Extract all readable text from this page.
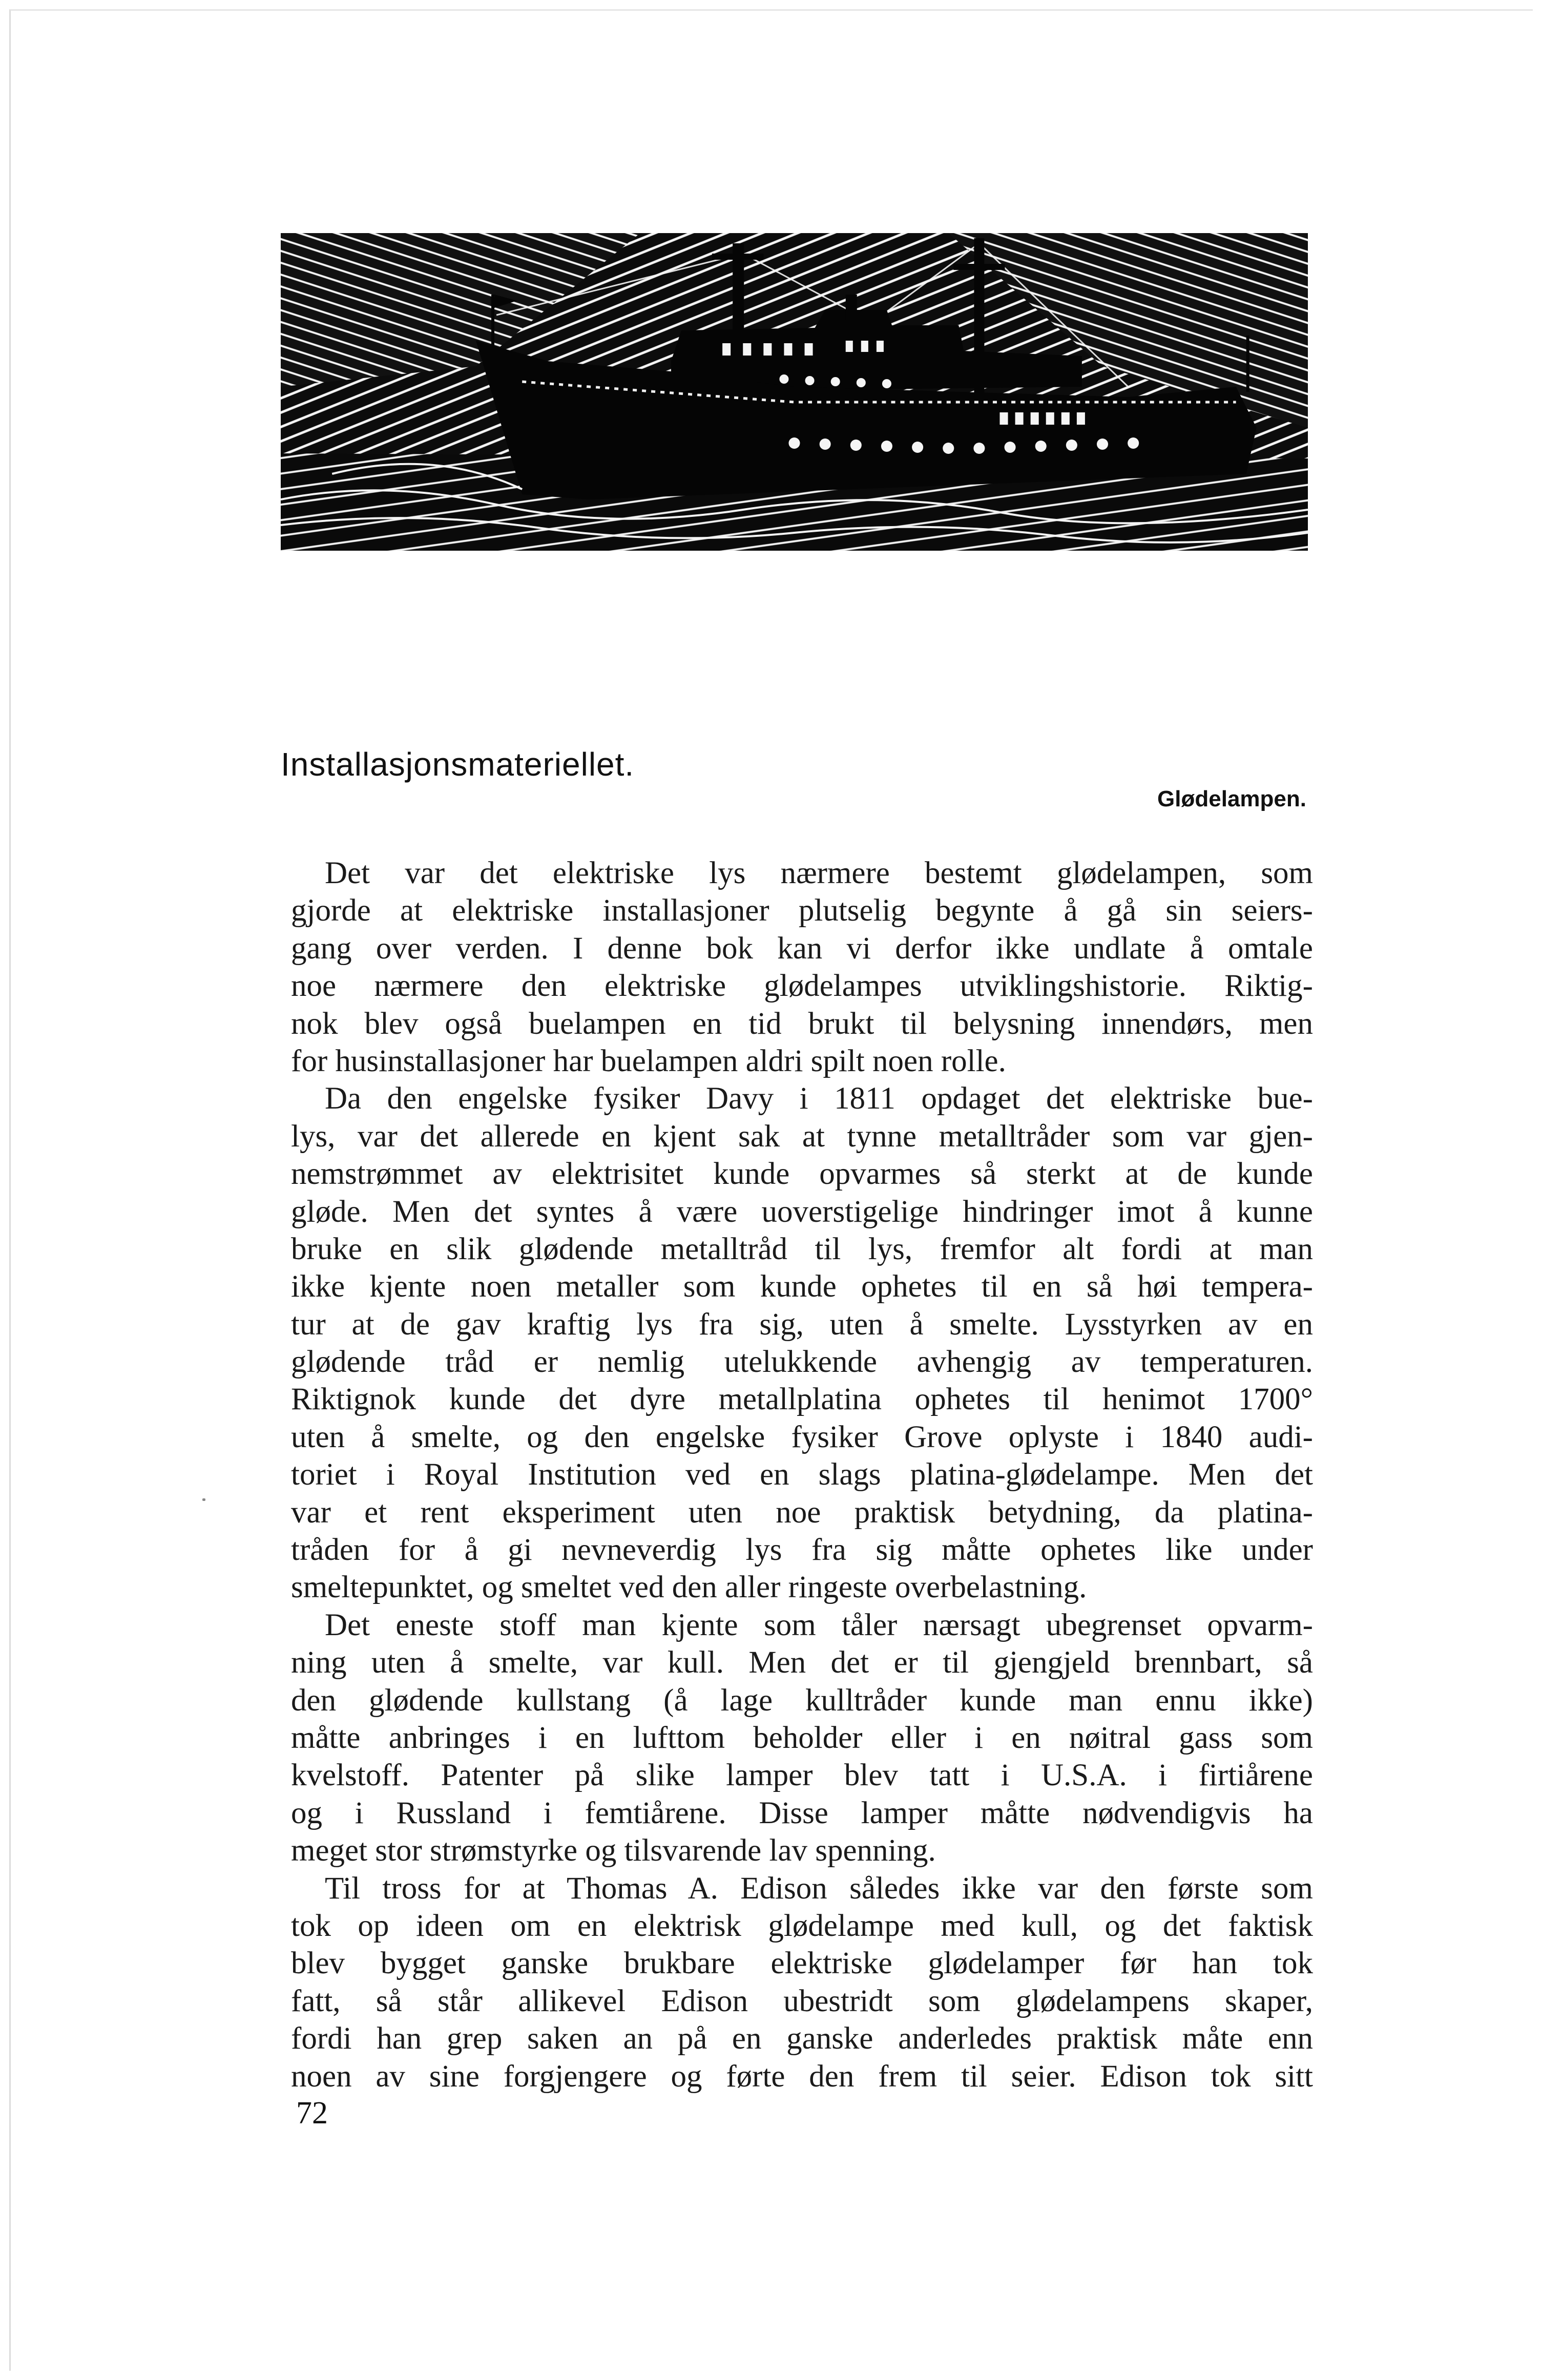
Installasjonsmateriellet.
Glødelampen.
Det var det elektriske lys nærmere bestemt glødelampen, som
gjorde at elektriske installasjoner plutselig begynte å gå sin seiers-
gang over verden. I denne bok kan vi derfor ikke undlate å omtale
noe nærmere den elektriske glødelampes utviklingshistorie. Riktig-
nok blev også buelampen en tid brukt til belysning innendørs, men
for husinstallasjoner har buelampen aldri spilt noen rolle.
Da den engelske fysiker Davy i 1811 opdaget det elektriske bue-
lys, var det allerede en kjent sak at tynne metalltråder som var gjen-
nemstrømmet av elektrisitet kunde opvarmes så sterkt at de kunde
gløde. Men det syntes å være uoverstigelige hindringer imot å kunne
bruke en slik glødende metalltråd til lys, fremfor alt fordi at man
ikke kjente noen metaller som kunde ophetes til en så høi tempera-
tur at de gav kraftig lys fra sig, uten å smelte. Lysstyrken av en
glødende tråd er nemlig utelukkende avhengig av temperaturen.
Riktignok kunde det dyre metallplatina ophetes til henimot 1700°
uten å smelte, og den engelske fysiker Grove oplyste i 1840 audi-
toriet i Royal Institution ved en slags platina-glødelampe. Men det
var et rent eksperiment uten noe praktisk betydning, da platina-
tråden for å gi nevneverdig lys fra sig måtte ophetes like under
smeltepunktet, og smeltet ved den aller ringeste overbelastning.
Det eneste stoff man kjente som tåler nærsagt ubegrenset opvarm-
ning uten å smelte, var kull. Men det er til gjengjeld brennbart, så
den glødende kullstang (å lage kulltråder kunde man ennu ikke)
måtte anbringes i en lufttom beholder eller i en nøitral gass som
kvelstoff. Patenter på slike lamper blev tatt i U.S.A. i firtiårene
og i Russland i femtiårene. Disse lamper måtte nødvendigvis ha
meget stor strømstyrke og tilsvarende lav spenning.
Til tross for at Thomas A. Edison således ikke var den første som
tok op ideen om en elektrisk glødelampe med kull, og det faktisk
blev bygget ganske brukbare elektriske glødelamper før han tok
fatt, så står allikevel Edison ubestridt som glødelampens skaper,
fordi han grep saken an på en ganske anderledes praktisk måte enn
noen av sine forgjengere og førte den frem til seier. Edison tok sitt

72
